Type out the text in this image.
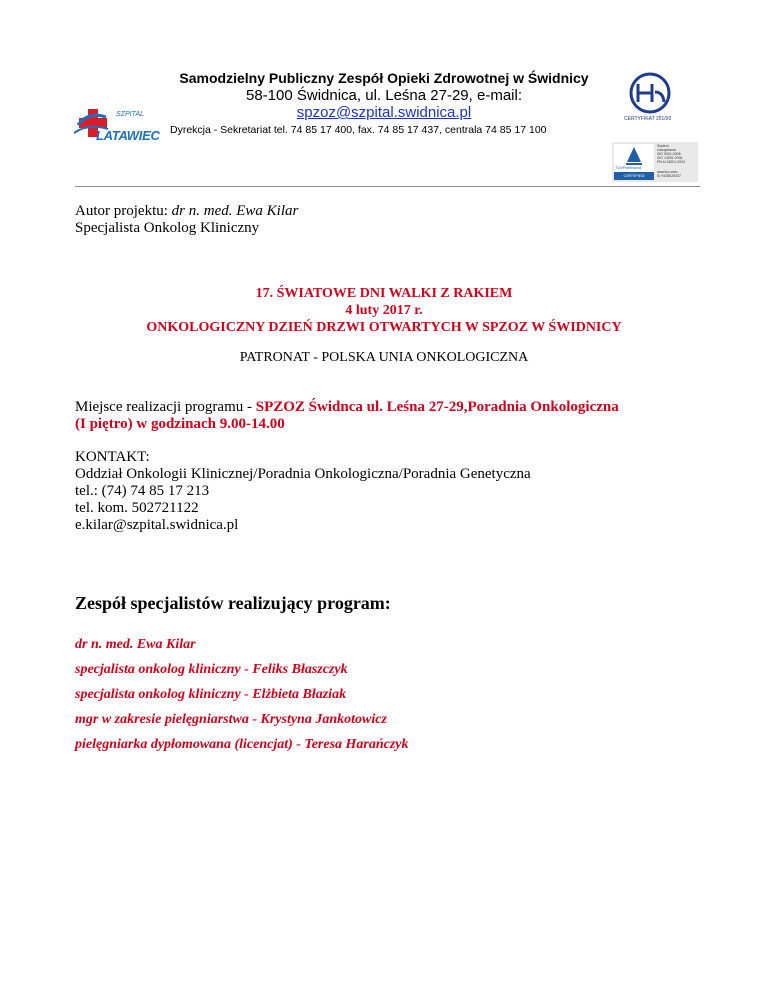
SZPITAL
LATAWIEC
Samodzielny Publiczny Zespół Opieki Zdrowotnej w Świdnicy
58-100 Świdnica, ul. Leśna 27-29, e-mail:
spzoz@szpital.swidnica.pl
Dyrekcja - Sekretariat tel. 74 85 17 400, fax. 74 85 17 437, centrala 74 85 17 100
CERTYFIKAT 251/00
TÜVRheinland
CERTIFIED
System
zarządzania
ISO 9001:2008
ISO 14001:2004
PN-N 18001:2004
www.tuv.com
ID 9105029237
Autor projektu: dr n. med. Ewa Kilar
Specjalista Onkolog Kliniczny
17. ŚWIATOWE DNI WALKI Z RAKIEM
4 luty 2017 r.
ONKOLOGICZNY DZIEŃ DRZWI OTWARTYCH W SPZOZ W ŚWIDNICY
PATRONAT - POLSKA UNIA ONKOLOGICZNA
Miejsce realizacji programu - SPZOZ Świdnca ul. Leśna 27-29,Poradnia Onkologiczna
(I piętro) w godzinach 9.00-14.00
KONTAKT:
Oddział Onkologii Klinicznej/Poradnia Onkologiczna/Poradnia Genetyczna
tel.: (74) 74 85 17 213
tel. kom. 502721122
e.kilar@szpital.swidnica.pl
Zespół specjalistów realizujący program:
dr n. med. Ewa Kilar
specjalista onkolog kliniczny - Feliks Błaszczyk
specjalista onkolog kliniczny - Elżbieta Błaziak
mgr w zakresie pielęgniarstwa - Krystyna Jankotowicz
pielęgniarka dypłomowana (licencjat) - Teresa Harańczyk
